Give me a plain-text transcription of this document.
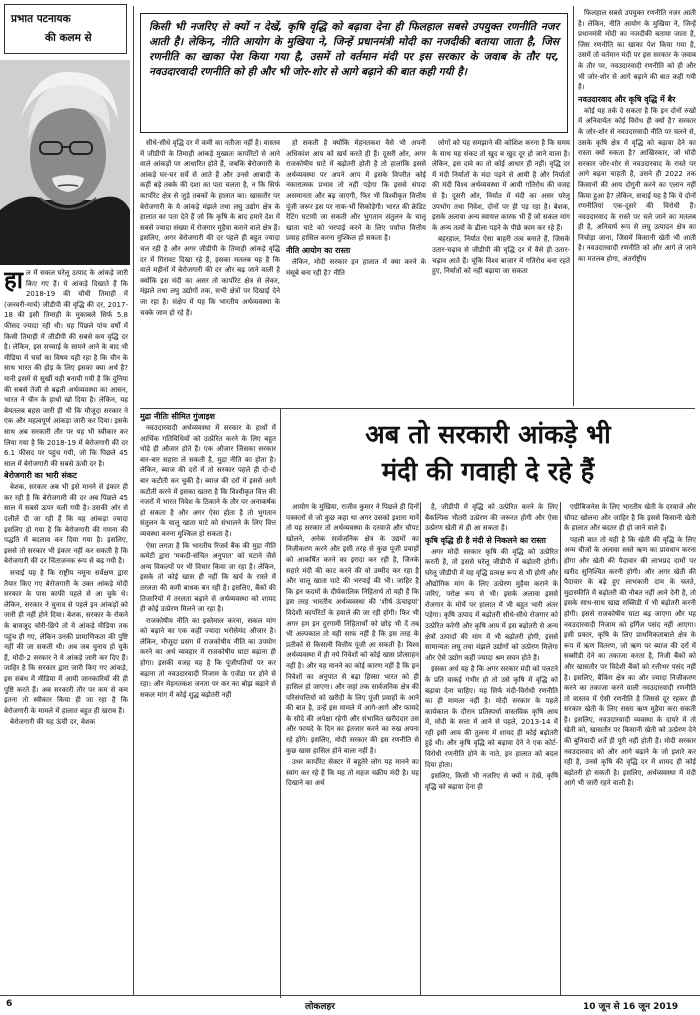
प्रभात पटनायक
की कलम से

किसी भी नजरिए से क्यों न देखें, कृषि वृद्धि को बढ़ावा देना ही फिलहाल सबसे उपयुक्त रणनीति नजर आती है। लेकिन, नीति आयोग के मुखिया ने, जिन्हें प्रधानमंत्री मोदी का नजदीकी बताया जाता है, जिस रणनीति का खाका पेश किया गया है, उसमें तो वर्तमान मंदी पर इस सरकार के जवाब के तौर पर, नवउदारवादी रणनीति को ही और भी जोर-शोर से आगे बढ़ाने की बात कही गयी है।

हाल में सकल घरेलू उत्पाद के आंकड़े जारी किए गए हैं। ये आंकड़े दिखाते हैं कि 2018-19 की चौथी तिमाही में (जनवरी-मार्च) जीडीपी की वृद्धि की दर, 2017-18 की इसी तिमाही के मुकाबले सिर्फ 5.8 फीसद ज्यादा रही थी। यह पिछले पांच वर्षों में किसी तिमाही में जीडीपी की सबसे कम वृद्धि दर है। लेकिन, इस सच्चाई के सामने आने के बाद भी मीडिया में चर्चा का विषय यही रहा है कि चीन के साथ भारत की होड़ के लिए इसका क्या अर्थ है? यानी इसमें से सुर्खी यही बनायी गयी है कि दुनिया की सबसे तेजी से बढ़ती अर्थव्यवस्था का आसन, भारत ने चीन के हाथों खो दिया है। लेकिन, यह बेमतलब बहस जारी ही थी कि मौजूदा सरकार ने एक और महत्वपूर्ण आंकड़ा जारी कर दिया। इसके साथ अब सरकारी तौर पर यह भी स्वीकार कर लिया गया है कि 2018-19 में बेरोजगारी की दर 6.1 फीसद पर पहुंच गयी, जो कि पिछले 45 साल में बेरोजगारी की सबसे ऊंची दर है।

बेरोजगारी का भारी संकट

बेशक, सरकार अब भी इसे मानने से इंकार ही कर रही है कि बेरोजगारी की दर अब पिछले 45 साल में सबसे ऊपर चली गयी है। उसकी ओर से दलीलें दी जा रही हैं कि यह आंकड़ा ज्यादा इसलिए हो गया है कि बेरोजगारी की गणना की पद्धति में बदलाव कर दिया गया है। इसलिए, इससे तो सरकार भी इंकार नहीं कर सकती है कि बेरोजगारी की दर चिंताजनक रूप से बढ़ गयी है।

सचाई यह है कि राष्ट्रीय नमूना सर्वेक्षण द्वारा तैयार किए गए बेरोजगारी के उक्त आंकड़े मोदी सरकार के पास काफी पहले से आ चुके थे। लेकिन, सरकार ने चुनाव से पहले इन आंकड़ों को जारी ही नहीं होने दिया। बेशक, सरकार के रोकने के बावजूद चोरी-छिपे तो ये आंकड़े मीडिया तक पहुंच ही गए, लेकिन उनकी प्रामाणिकता की पुष्टि नहीं की जा सकती थी। अब जब चुनाव हो चुके हैं, मोदी-2 सरकार ने ये आंकड़े जारी कर दिए हैं। जाहिर है कि सरकार द्वारा जारी किए गए आंकड़े, इस संबंध में मीडिया में आयी जानकारियों की ही पुष्टि करते हैं। अब सरकारी तौर पर कम से कम इतना तो स्वीकार किया ही जा रहा है कि बेरोजगारी के मामले में हालात बहुत ही खराब हैं।

बेरोजगारी की यह ऊंची दर, बेशक

सीधे-सीधे वृद्धि दर में कमी का नतीजा नहीं है। वास्तव में जीडीपी के तिमाही आंकड़े मुख्यतः कार्पोरेटों से आने वाले आंकड़ों पर आधारित होते हैं, जबकि बेरोजगारी के आंकड़े घर-घर सर्वे से आते हैं और उनसे आबादी के कहीं बड़े तबके की दशा का पता चलता है, न कि सिर्फ कार्पोरेट क्षेत्र से जुड़े तबकों के हालात का। खासतौर पर बेरोजगारी के ये आंकड़े मंझले तथा लघु उद्योग क्षेत्र के हालात का पता देते हैं जो कि कृषि के बाद हमारे देश में सबसे ज्यादा संख्या में रोजगार मुहैया कराने वाले क्षेत्र हैं। इसलिए, अगर बेरोजगारी की दर पहले ही बहुत ज्यादा चल रही है और अगर जीडीपी के तिमाही आंकड़े वृद्धि दर में गिरावट दिखा रहे हैं, इसका मतलब यह है कि वाले महीनों में बेरोजगारी की दर और बढ़ जाने वाली है क्योंकि इस मंदी का असर तो कार्पोरेट क्षेत्र से लेकर, मंझले तथा लघु उद्योगों तक, सभी क्षेत्रों पर दिखाई देने जा रहा है। संक्षेप में यह कि भारतीय अर्थव्यवस्था के चक्के जाम हो रहे हैं।

मुद्रा नीतिः सीमित गुंजाइश

नवउदारवादी अर्थव्यवस्था में सरकार के हाथों में आर्थिक गतिविधियों को उत्प्रेरित करने के लिए बहुत थोड़े ही औजार होते हैं। एक औजार जिसका सरकार बार-बार सहारा ले सकती है, मुद्रा नीति का होता है। लेकिन, ब्याज की दरों में तो सरकार पहले ही दो-दो बार कटौती कर चुकी है। ब्याज की दरों में इससे आगे कटौती करने में इसका खतरा है कि विश्वीकृत वित्त की नजरों में भारत निवेश के ठिकाने के तौर पर अनाकर्षक हो सकता है और अगर ऐसा होता है तो भुगतान संतुलन के चालू खाता घाटे को संभालने के लिए वित्त व्यवस्था करना मुश्किल हो सकता है।

ऐसा लगता है कि भारतीय रिजर्व बैंक की मुद्रा नीति कमेटी द्वारा 'मकदी-संचित अनुपात' को घटाने जैसे अन्य विकल्पों पर भी विचार किया जा रहा है। लेकिन, इसके तो कोई खास ही नहीं कि खर्च के रास्ते में तरलता की कमी बाधक बन रही है। इसलिए, बैंकों की तिजारियों में तरलता बढ़ाने से अर्थव्यवस्था को शायद ही कोई उत्प्रेरण मिलने जा रहा है।

राजकोषीय नीति का इस्तेमाल करना, सकल मांग को बढ़ाने का एक कहीं ज्यादा भरोसेमंद औजार है। लेकिन, मौजूदा प्रसंग में राजकोषीय नीति का उपयोग करने का अर्थ व्यवहार में राजकोषीय घाटा बढ़ाना ही होगा। इसकी वजह यह है कि पूंजीपतियों पर कर बढ़ाना तो नवउदारवादी निजाम के एजेंडा पर होने से रहा। और मेहनतकश जनता पर कर का बोझ बढ़ाने से सकल मांग में कोई शुद्ध बढ़ोतरी नहीं

हो सकती है क्योंकि मेहनतकश वैसे भी अपनी अधिकांश आय को खर्च करते ही हैं। दूसरी ओर, अगर राजकोषीय घाटे में बढ़ोतरी होती है तो हालांकि इससे अर्थव्यवस्था पर अपने आप में इसके विपरीत कोई नकारात्मक प्रभाव तो नहीं पड़ेगा कि इससे संपदा असमानता और बढ़ जाएगी, फिर भी विश्वीकृत वित्तीय पूंजी जरूर इस पर नाक-भौं सिकोड़ेगी। भारत की क्रेडिट रेटिंग घटायी जा सकती और भुगतान संतुलन के चालू खाता घाटे को भरपाई करने के लिए पर्याप्त वित्तीय प्रवाह हासिल करना मुश्किल हो सकता है।

नीति आयोग का रास्ता

लेकिन, मोदी सरकार इन हालात में क्या करने के मंसूबे बना रही है? नीति

लोगों को यह समझाने की कोशिश करना है कि समय के साथ यह संकट तो खुद ब खुद दूर हो जाने वाला है। लेकिन, इस दावे का तो कोई आधार ही नहीं। वृद्धि दर में मंदी निर्यातों के मंदा पड़ने से आयी है और निर्यातों की मंदी विश्व अर्थव्यवस्था में आयी गतिरोध की वजह से है। दूसरी ओर, निर्यात में मंदी का असर घरेलू उपभोग तथा निवेश, दोनों पर ही पड़ रहा है। बेशक, इसके अलावा अन्य स्वायत्त कारक भी हैं जो सकल मांग के अन्य तत्वों के ढीला पड़ने के पीछे काम कर रहे हैं।

बहरहाल, निर्यात ऐसा बाहरी तत्व बनाते हैं, जिसके उतार-चढ़ाव से जीडीपी की वृद्धि दर में वैसे ही उतार-चढ़ाव आते हैं। चूंकि विश्व बाजार में गतिरोध बना रहते हुए, निर्यातों को नहीं बढ़ाया जा सकता

फिलहाल सबसे उपयुक्त रणनीति नजर आती है। लेकिन, नीति आयोग के मुखिया ने, जिन्हें प्रधानमंत्री मोदी का नजदीकी बताया जाता है, जिस रणनीति का खाका पेश किया गया है, उसमें तो वर्तमान मंदी पर इस सरकार के जवाब के तौर पर, नवउदारवादी रणनीति को ही और भी जोर-शोर से आगे बढ़ाने की बात कही गयी है।

नवउदारवाद और कृषि वृद्धि में बैर

कोई यह तर्क दे सकता है कि इन दोनों रुखों में अनिवार्यतः कोई विरोध ही क्यों है? सरकार के जोर-शोर से नवउदारवादी नीति पर चलने से, उसके कृषि क्षेत्र में वृद्धि को बढ़ावा देने का रास्ता क्यों रुकता है? आखिरकार, जो मोदी सरकार जोर-शोर से नवउदारवाद के रास्ते पर आगे बढ़ना चाहती है, उसने ही 2022 तक किसानों की आय दोगुनी करने का एलान नहीं किया हुआ है? लेकिन, सचाई यह है कि ये दोनों रणनीतियां एक-दूसरे की विरोधी हैं। नवउदारवाद के रास्ते पर चले जाने का मतलब ही है, अनिवार्य रूप से लघु उत्पादन क्षेत्र का निचोड़ा जाना, जिसमें किसानी खेती भी आती है। नवउदारवादी रणनीति को और आगे ले जाने का मतलब होगा, अंतर्राष्ट्रीय

अब तो सरकारी आंकड़े भी
मंदी की गवाही दे रहे हैं

आयोग के मुखिया, राजीव कुमार ने पिछले ही दिनों पत्रकारों से जो कुछ कहा था अगर उसको इशारा मानें तो यह सरकार तो अर्थव्यवस्था के दरवाजे और चौपट खोलने, अनेक सार्वजनिक क्षेत्र के उद्यमों का निजीकरण करने और इसी तरह से कुछ पूंजी प्रवाहों को आकर्षित करने का इरादा कर रही है, जिनके सहारे मंदी की काट करने की वो उम्मीद कर रहा है और चालू खाता घाटे की भरपाई की भी। जाहिर है कि इन कदमों के दीर्घकालिक निहितार्थ तो यही हैं कि इस तरह भारतीय अर्थव्यवस्था की 'शीर्ष ऊंचाइयां' विदेशी कार्पोरेटों के हवाले की जा रही होंगी। फिर भी अगर हम इन दुरगामी निहितार्थों को छोड़ भी दें तब भी अल्पकाल तो यही साफ नहीं है कि इस तरह के प्रतीकों से किसानी वित्तीय पूंजी आ सकती है। विश्व अर्थव्यवस्था में ही नये निवेशों को कोई खास प्रोत्साहन नहीं है। और यह मानने का कोई कारण नहीं है कि इन निवेशों का अनुपात से बढ़ा हिस्सा भारत को ही हासिल हो जाएगा। और जहां तक सार्वजनिक क्षेत्र की परिसंपत्तियों को खरीदी के लिए पूंजी प्रवाहों के आने की बात है, उन्हें इस मामले में आगे-आगे और फायदे के सौदे की अपेक्षा रहेगी और संभावित खरीददार उस और फायदे के दिन का इंतजार करने का रुख अपना रहे होंगे। इसलिए, मोदी सरकार की इस रणनीति से कुछ खास हासिल होने वाला नहीं है।

उधर कार्पोरेट सेक्टर में बहुतेरे लोग यह मानने का स्वांग कर रहे हैं कि यह तो महज चक्रीय मंदी है। यह दिखाने का अर्थ

है, जीडीपी में वृद्धि को उत्प्रेरित करने के लिए बैंकल्पिक भीतरी उत्प्रेरण की जरूरत होगी और ऐसा उत्प्रेरण खेती से ही आ सकता है।

कृषि वृद्धि ही है मंदी से निकलने का रास्ता

अगर मोदी सरकार कृषि की वृद्धि को उत्प्रेरित करती है, तो इससे घरेलू जीडीपी में बढ़ोतरी होगी। घरेलू जीडीपी में यह वृद्धि प्रत्यक्ष रूप से भी होगी और औद्योगिक मांग के लिए उत्प्रेरण मुहैया कराने के जरिए, परोक्ष रूप से भी। इसके अलावा इससे रोजगार के मोर्चे पर हालात में भी बहुत भारी अंतर पड़ेगा। कृषि उत्पाद में बढ़ोतरी सीधे-सीधे रोजगार को उत्प्रेरित करेगी और कृषि आय में इस बढ़ोतरी से अन्य क्षेत्रों उत्पादों की मांग में भी बढ़ोतरी होगी, इससे सामान्यतः लघु तथा मंझले उद्योगों को उत्प्रेरण मिलेगा और ऐसे उद्योग कहीं ज्यादा श्रम सघन होते हैं।

इसका अर्थ यह है कि अगर सरकार मंदी को पलटने के प्रति वाकई गंभीर हो तो उसे कृषि में वृद्धि को बढ़ावा देना चाहिए। यह सिर्फ मंदी-विरोधी रणनीति का ही मामला नहीं है। मोदी सरकार के पहले कार्यकाल के दौरान प्रतिस्पर्धा वास्तविक कृषि आय में, मोदी के सत्ता में आने से पहले, 2013-14 में रही इसी आय की तुलना में शायद ही कोई बढ़ोतरी हुई थी। और कृषि वृद्धि को बढ़ावा देने ने एक कोर्ट-विरोधी रणनीति होने के नाते, इन हालात को बदल दिया होता।

इसलिए, किसी भी नजरिए से क्यों न देखें, कृषि वृद्धि को बढ़ावा देना ही

एग्रीबिजनेस के लिए भारतीय खेती के दरवाजे और चौपट खोलना और जाहिर है कि इससे किसानी खेती के हालात और बदतर ही हो जाने वाले हैं।

पहली बात तो यही है कि खेती की वृद्धि के लिए अन्य चीजों के अलावा सस्ते ऋण का प्रावधान करना होगा और खेती की पैदावार की लाभप्रद दामों पर खरीद सुनिश्चित करनी होगी। और अगर खेती की पैदावार के बढ़े हुए लाभकारी दाम के चलते, मुद्रास्फीति में बढ़ोतरी की नौबत नहीं आने देनी है, तो इसके साथ-साथ खाद्य सब्सिडी में भी बढ़ोतरी करनी होगी। इससे राजकोषीय घाटा बढ़ जाएगा और यह नवउदारवादी निजाम को हर्गिज पसंद नहीं आएगा। इसी प्रकार, कृषि के लिए प्राथमिकताबाले क्षेत्र के रूप में ऋण वितरण, जो ऋण पर ब्याज की दरों में सब्सीडी देने का तकाजा करता है, निजी बैंकों को और खासतौर पर विदेशी बैंकों को रत्तीभर पसंद नहीं है। इसलिए, बैंकिंग क्षेत्र का और ज्यादा निजीकरण करने का तकाजा करने वाली नवउदारवादी रणनीति तो वास्तव में ऐसी रणनीति है जिससे दूर रहकर ही सरकार खेती के लिए सस्ता ऋण मुहैया करा सकती है। इसलिए, नवउदारवादी व्यवस्था के दायरे में तो खेती को, खासतौर पर किसानी खेती को उत्प्रेरण देने की बुनियादी शर्तें ही पूरी नहीं होती हैं। मोदी सरकार नवउदारवाद को और आगे बढ़ाने के जो इशारे कर रही है, उनसे कृषि की वृद्धि दर में शायद ही कोई बढ़ोतरी हो सकती है। इसलिए, अर्थव्यवस्था में मंदी आगे भी जारी रहने वाली है।

6	लोकलहर	10 जून से 16 जून 2019
